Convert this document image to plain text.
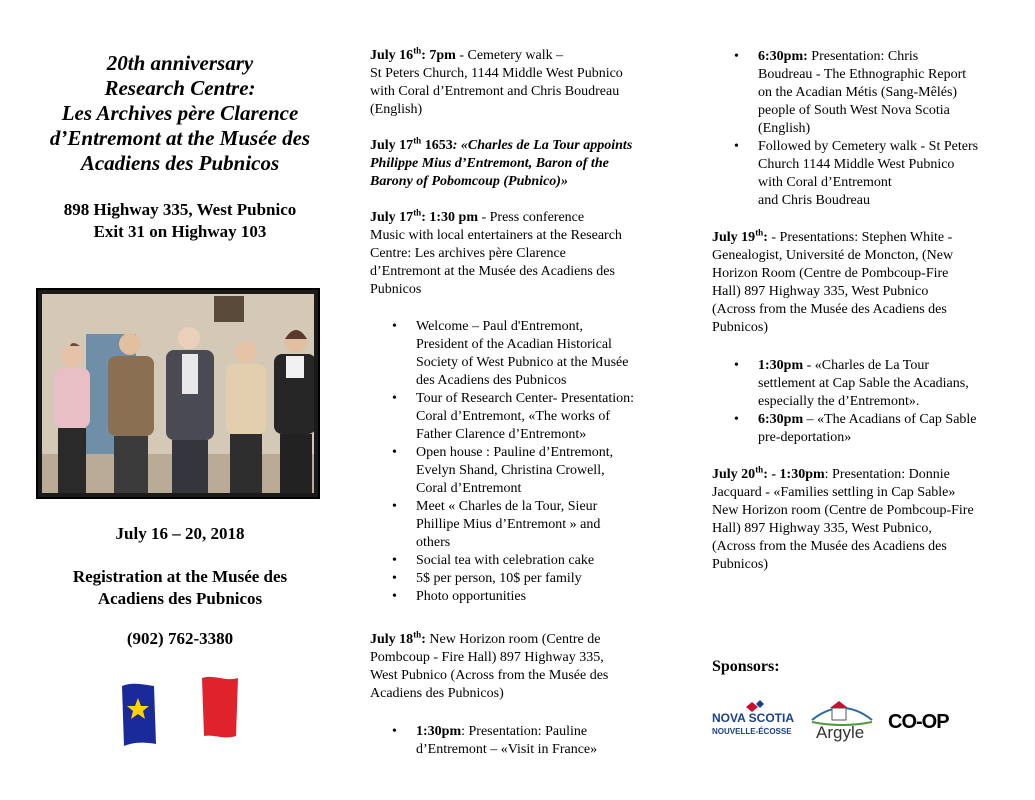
20th anniversary
Research Centre:
Les Archives père Clarence
d’Entremont at the Musée des
Acadiens des Pubnicos
898 Highway 335, West Pubnico
Exit 31 on Highway 103
July 16 – 20, 2018
Registration at the Musée des
Acadiens des Pubnicos
(902) 762-3380

July 16th: 7pm - Cemetery walk –

St Peters Church, 1144 Middle West Pubnico

with Coral d’Entremont and Chris Boudreau

(English)

July 17th 1653: «Charles de La Tour appoints

Philippe Mius d’Entremont, Baron of the

Barony of Pobomcoup (Pubnico)»

July 17th: 1:30 pm - Press conference

Music with local entertainers at the Research

Centre: Les archives père Clarence

d’Entremont at the Musée des Acadiens des

Pubnicos

• Welcome – Paul d'Entremont,
President of the Acadian Historical
Society of West Pubnico at the Musée
des Acadiens des Pubnicos
• Tour of Research Center- Presentation:
Coral d’Entremont, «The works of
Father Clarence d’Entremont»
• Open house : Pauline d’Entremont,
Evelyn Shand, Christina Crowell,
Coral d’Entremont
• Meet « Charles de la Tour, Sieur
Phillipe Mius d’Entremont » and
others
• Social tea with celebration cake
• 5$ per person, 10$ per family
• Photo opportunities

July 18th: New Horizon room (Centre de

Pombcoup - Fire Hall) 897 Highway 335,

West Pubnico (Across from the Musée des

Acadiens des Pubnicos)

• 1:30pm: Presentation: Pauline
d’Entremont – «Visit in France»
• 6:30pm: Presentation: Chris
Boudreau - The Ethnographic Report
on the Acadian Métis (Sang-Mêlés)
people of South West Nova Scotia
(English)
• Followed by Cemetery walk - St Peters
Church 1144 Middle West Pubnico
with Coral d’Entremont
and Chris Boudreau

July 19th: - Presentations: Stephen White -

Genealogist, Université de Moncton, (New

Horizon Room (Centre de Pombcoup-Fire

Hall) 897 Highway 335, West Pubnico

(Across from the Musée des Acadiens des

Pubnicos)

• 1:30pm - «Charles de La Tour
settlement at Cap Sable the Acadians,
especially the d’Entremont».
• 6:30pm – «The Acadians of Cap Sable
pre-deportation»

July 20th: - 1:30pm: Presentation: Donnie

Jacquard - «Families settling in Cap Sable»

New Horizon room (Centre de Pombcoup-Fire

Hall) 897 Highway 335, West Pubnico,

(Across from the Musée des Acadiens des

Pubnicos)

Sponsors:
NOVA SCOTIA
NOUVELLE-ÉCOSSE Argyle CO-OP
